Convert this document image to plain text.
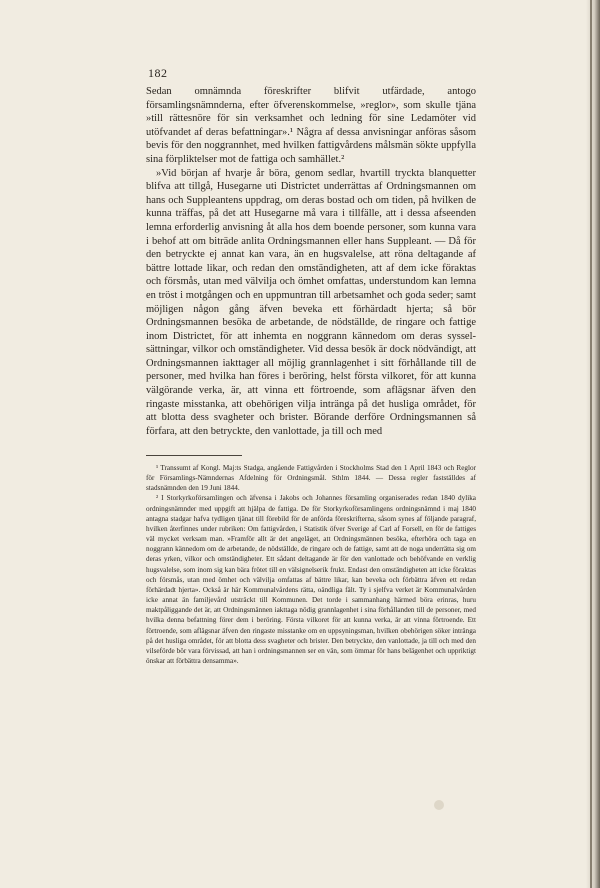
182

Sedan omnämnda föreskrifter blifvit utfärdade, antogo församlingsnämnderna, efter öfverenskommelse, »reglor», som skulle tjäna »till rättesnöre för sin verksamhet och ledning för sine Ledamöter vid utöfvandet af deras befattningar».¹ Några af dessa anvisningar anföras såsom bevis för den noggrannhet, med hvilken fattigvårdens målsmän sökte uppfylla sina förpliktelser mot de fattiga och samhället.²

»Vid början af hvarje år böra, genom sedlar, hvartill tryckta blanquetter blifva att tillgå, Husegarne uti Districtet underrättas af Ordningsmannen om hans och Suppleantens uppdrag, om deras bostad och om tiden, på hvilken de kunna träffas, på det att Husegarne må vara i tillfälle, att i dessa afseenden lemna erforderlig anvisning åt alla hos dem boende personer, som kunna vara i behof att om biträde anlita Ordningsmannen eller hans Suppleant. — Då för den betryckte ej annat kan vara, än en hugsvalelse, att röna deltagande af bättre lottade likar, och redan den omständigheten, att af dem icke föraktas och försmås, utan med välvilja och ömhet omfattas, understundom kan lemna en tröst i motgången och en uppmuntran till arbetsamhet och goda seder; samt möjligen någon gång äfven beveka ett förhärdadt hjerta; så bör Ordningsmannen besöka de arbetande, de nödställde, de ringare och fattige inom Districtet, för att inhemta en noggrann kännedom om deras sysselsättningar, vilkor och omständigheter. Vid dessa besök är dock nödvändigt, att Ordningsmannen iakttager all möjlig grannlagenhet i sitt förhållande till de personer, med hvilka han föres i beröring, helst första vilkoret, för att kunna välgörande verka, är, att vinna ett förtroende, som aflägsnar äfven den ringaste misstanka, att obehörigen vilja intränga på det husliga området, för att blotta dess svagheter och brister. Börande derföre Ordningsmannen så förfara, att den betryckte, den vanlottade, ja till och med

¹ Transsumt af Kongl. Maj:ts Stadga, angående Fattigvården i Stockholms Stad den 1 April 1843 och Reglor för Församlings-Nämndernas Afdelning för Ordningsmål. Sthlm 1844. — Dessa regler fastställdes af stadsnämnden den 19 Juni 1844.

² I Storkyrkoförsamlingen och äfvensa i Jakobs och Johannes församling organiserades redan 1840 dylika ordningsnämnder med uppgift att hjälpa de fattiga. De för Storkyrkoförsamlingens ordningsnämnd i maj 1840 antagna stadgar hafva tydligen tjänat till förebild för de anförda föreskrifterna, såsom synes af följande paragraf, hvilken återfinnes under rubriken: Om fattigvården, i Statistik öfver Sverige af Carl af Forsell, en för de fattiges väl mycket verksam man. »Framför allt är det angeläget, att Ordningsmännen besöka, efterhöra och taga en noggrann kännedom om de arbetande, de nödställde, de ringare och de fattige, samt att de noga underrätta sig om deras yrken, vilkor och omständigheter. Ett sådant deltagande är för den vanlottade och behöfvande en verklig hugsvalelse, som inom sig kan bära frötet till en välsignelserik frukt. Endast den omständigheten att icke föraktas och försmås, utan med ömhet och välvilja omfattas af bättre likar, kan beveka och förbättra äfven ett redan förhärdadt hjerta». Också är här Kommunalvårdens rätta, oändliga fält. Ty i sjelfva verket är Kommunalvården icke annat än familjevård utsträckt till Kommunen. Det torde i sammanhang härmed böra erinras, huru maktpåliggande det är, att Ordningsmännen iakttaga nödig grannlagenhet i sina förhållanden till de personer, med hvilka denna befattning förer dem i beröring. Första vilkoret för att kunna verka, är att vinna förtroende. Ett förtroende, som aflägsnar äfven den ringaste misstanke om en uppsyningsman, hvilken obehörigen söker intränga på det husliga området, för att blotta dess svagheter och brister. Den betryckte, den vanlottade, ja till och med den vilseförde bör vara förvissad, att han i ordningsmannen ser en vän, som ömmar för hans belägenhet och uppriktigt önskar att förbättra densamma».
